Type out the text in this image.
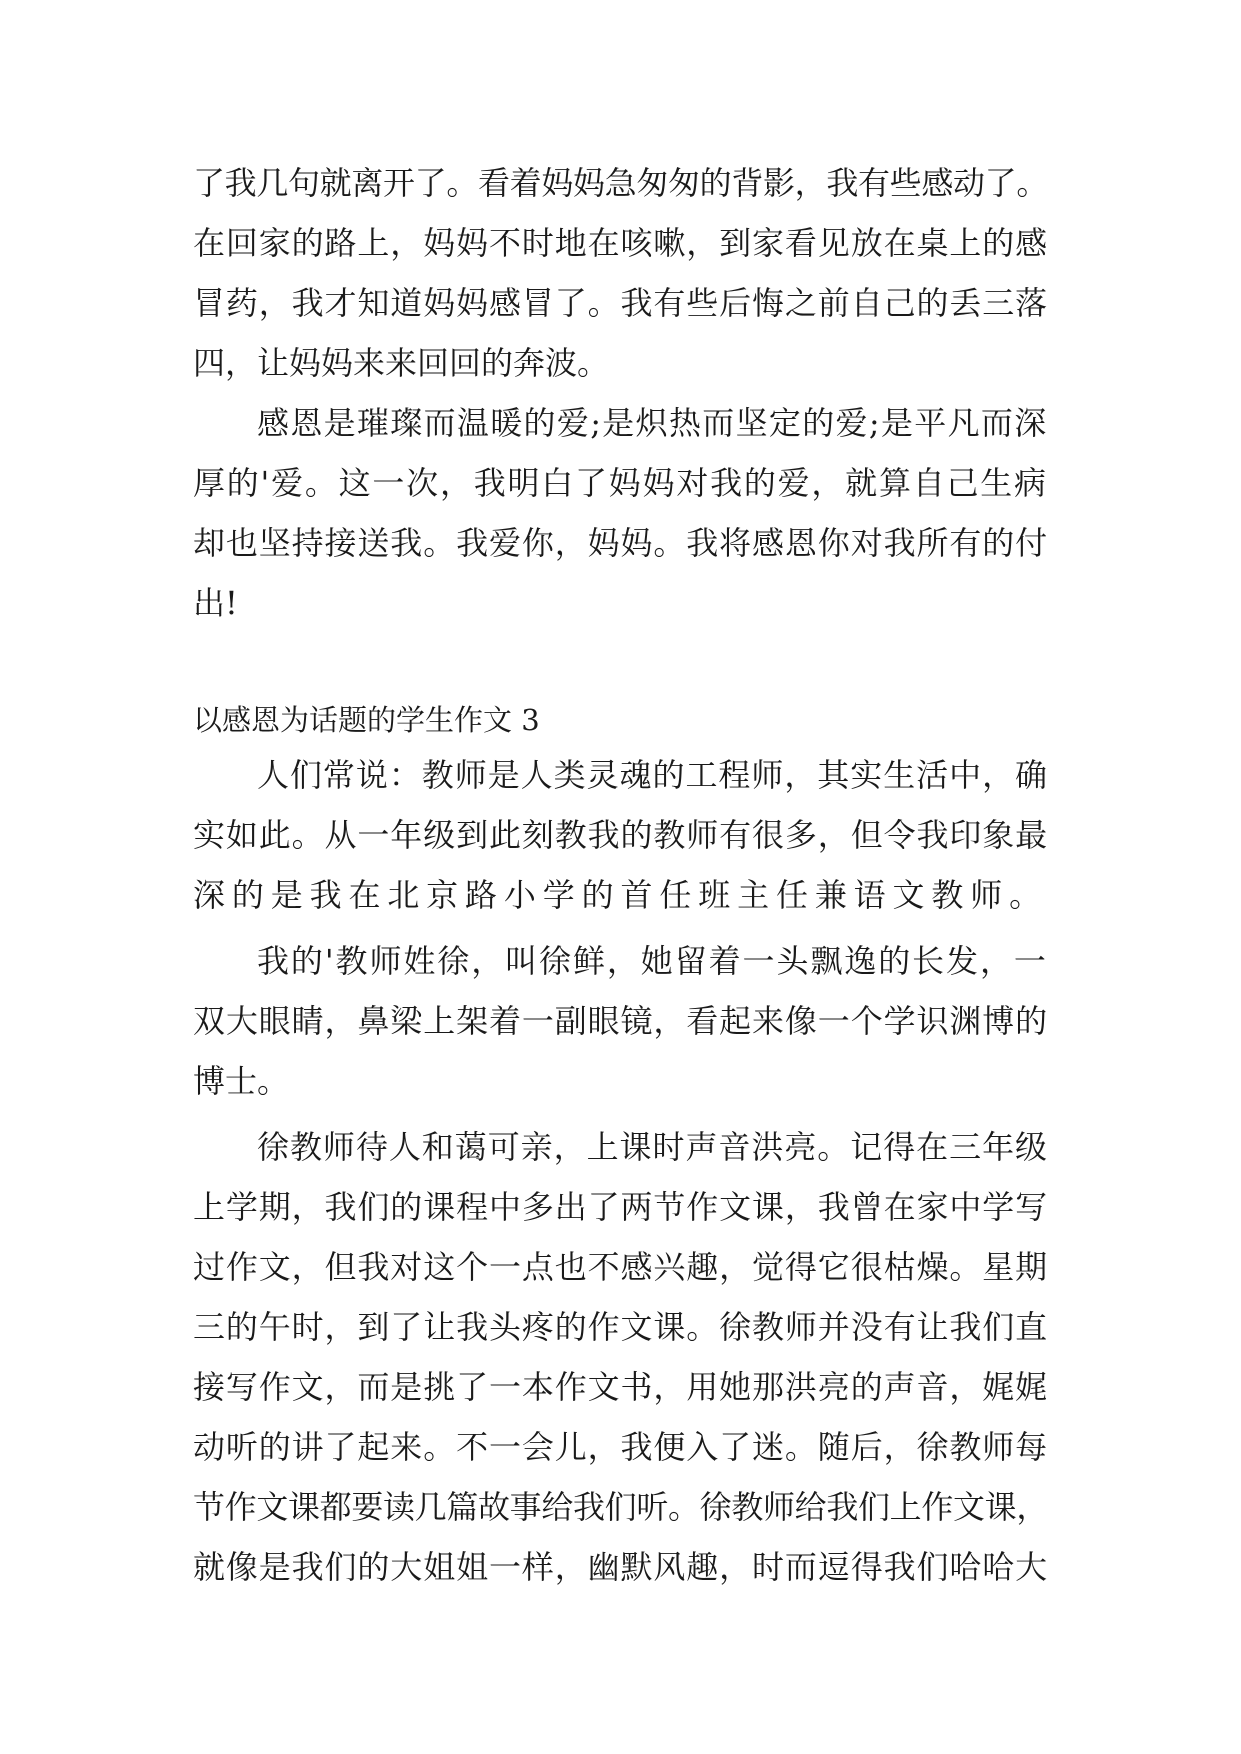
了我几句就离开了。看着妈妈急匆匆的背影，我有些感动了。
在回家的路上，妈妈不时地在咳嗽，到家看见放在桌上的感
冒药，我才知道妈妈感冒了。我有些后悔之前自己的丢三落
四，让妈妈来来回回的奔波。
感恩是璀璨而温暖的爱;是炽热而坚定的爱;是平凡而深
厚的'爱。这一次，我明白了妈妈对我的爱，就算自己生病
却也坚持接送我。我爱你，妈妈。我将感恩你对我所有的付
出!
以感恩为话题的学生作文 3
人们常说：教师是人类灵魂的工程师，其实生活中，确
实如此。从一年级到此刻教我的教师有很多，但令我印象最
深的是我在北京路小学的首任班主任兼语文教师。
我的'教师姓徐，叫徐鲜，她留着一头飘逸的长发，一
双大眼睛，鼻梁上架着一副眼镜，看起来像一个学识渊博的
博士。
徐教师待人和蔼可亲，上课时声音洪亮。记得在三年级
上学期，我们的课程中多出了两节作文课，我曾在家中学写
过作文，但我对这个一点也不感兴趣，觉得它很枯燥。星期
三的午时，到了让我头疼的作文课。徐教师并没有让我们直
接写作文，而是挑了一本作文书，用她那洪亮的声音，娓娓
动听的讲了起来。不一会儿，我便入了迷。随后，徐教师每
节作文课都要读几篇故事给我们听。徐教师给我们上作文课，
就像是我们的大姐姐一样，幽默风趣，时而逗得我们哈哈大
